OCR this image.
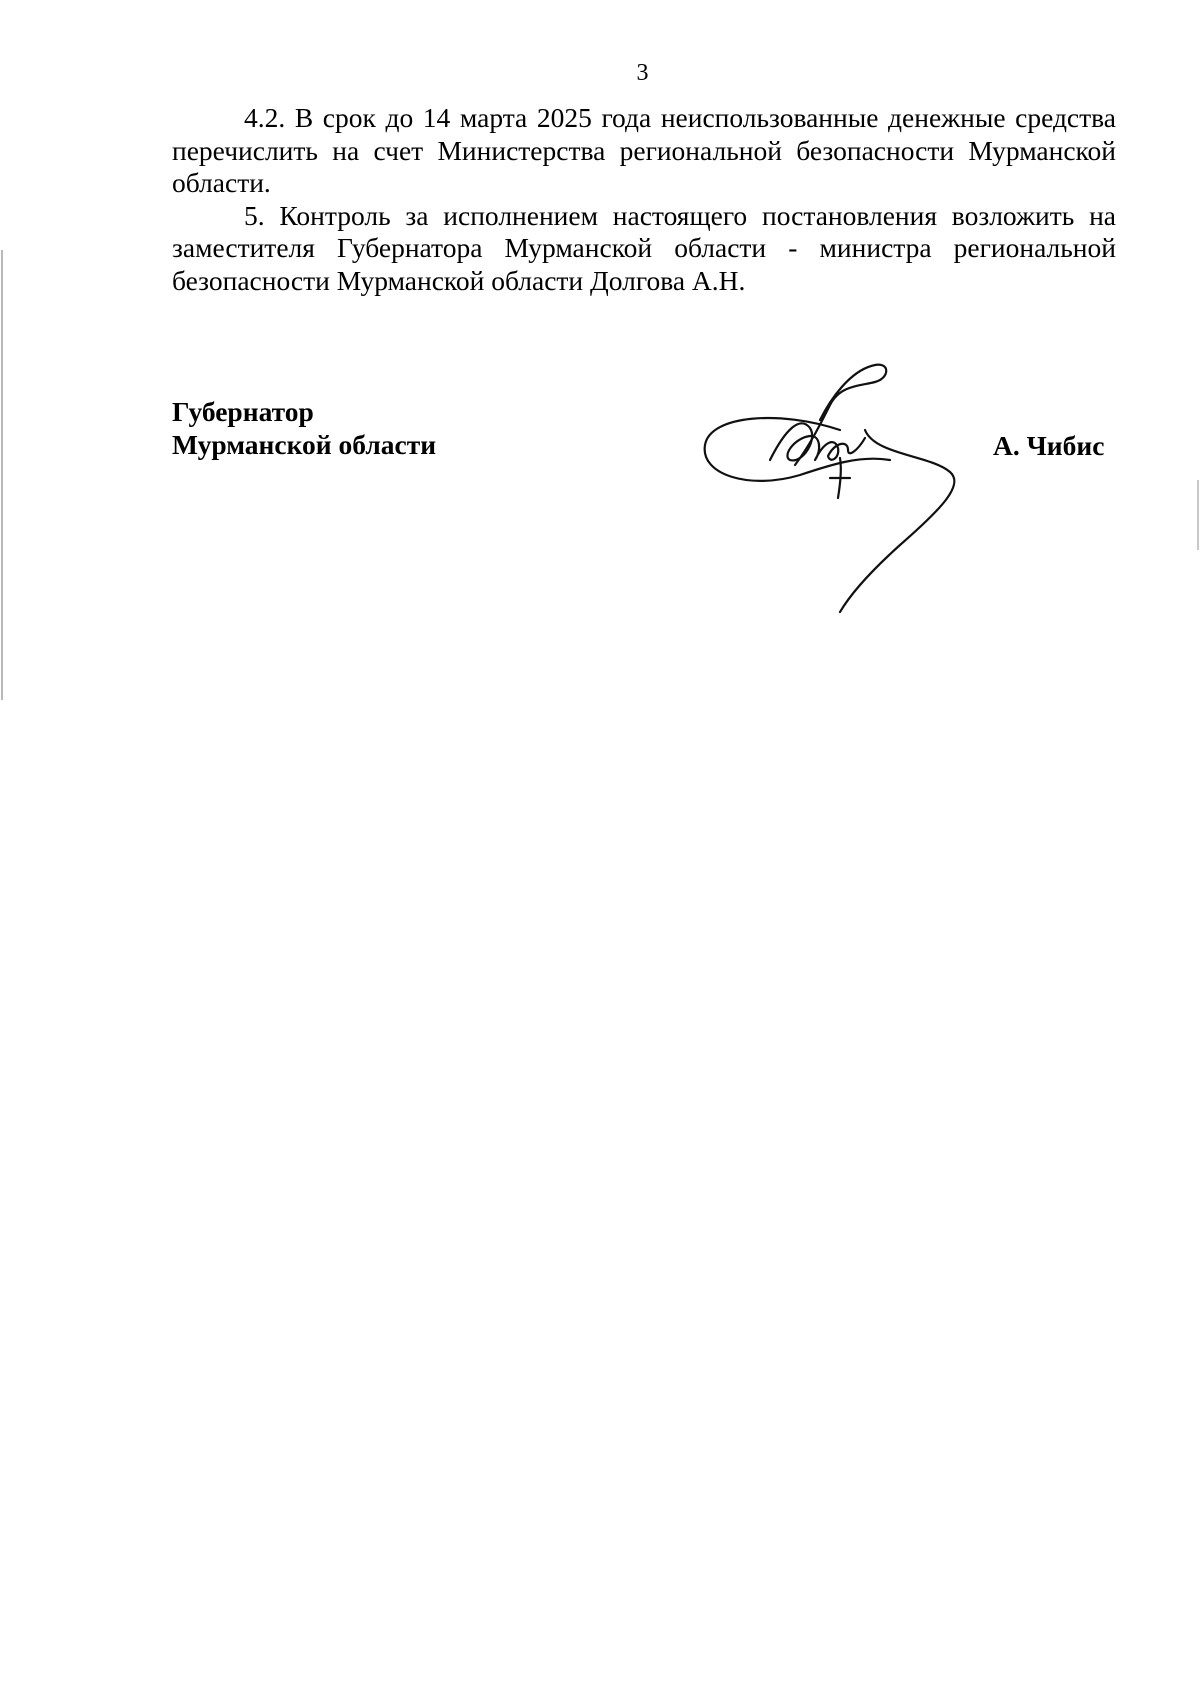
3

4.2. В срок до 14 марта 2025 года неиспользованные денежные средства перечислить на счет Министерства региональной безопасности Мурманской области.

5. Контроль за исполнением настоящего постановления возложить на заместителя Губернатора Мурманской области - министра региональной безопасности Мурманской области Долгова А.Н.

Губернатор
Мурманской области	А. Чибис
